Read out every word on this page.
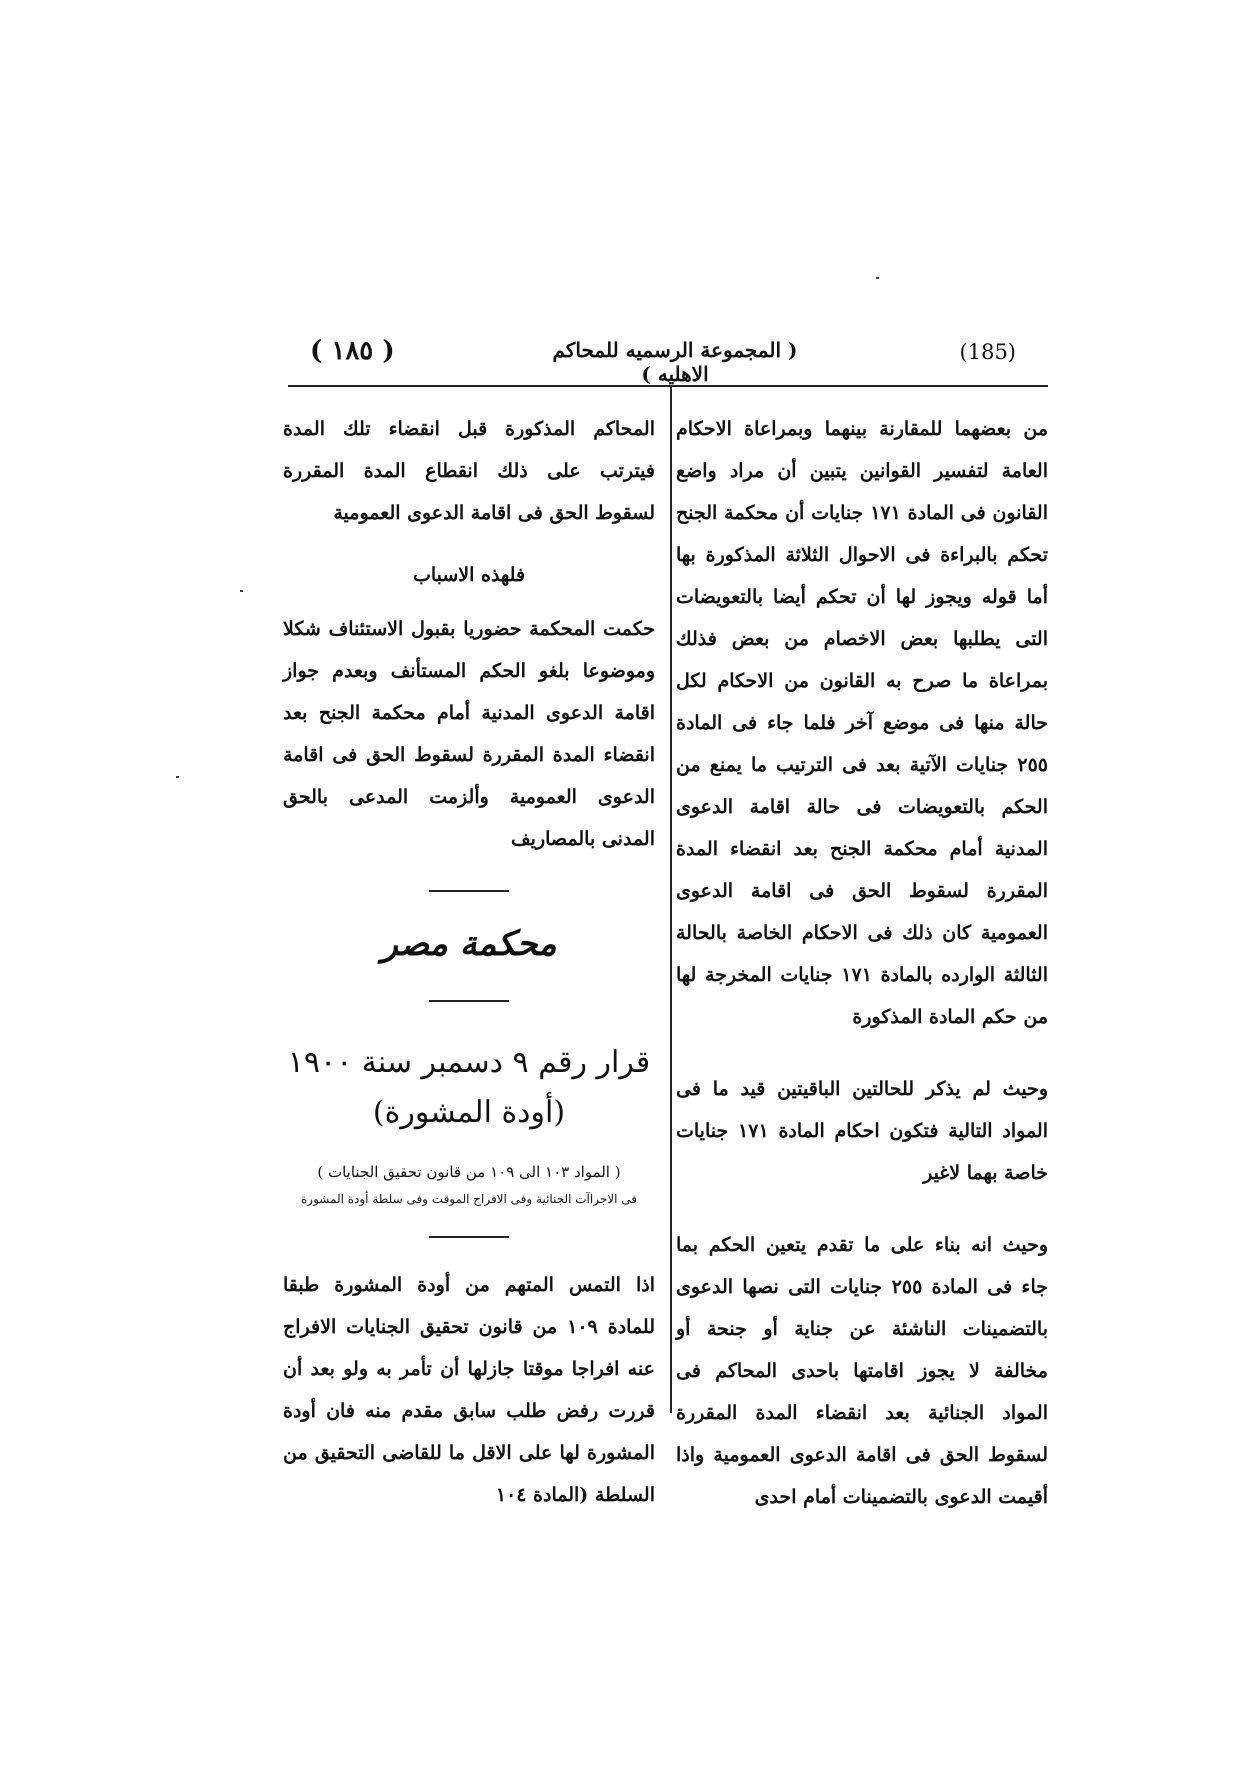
( ١٨٥ )	( المجموعة الرسميه للمحاكم الاهليه )
(185)

من بعضهما للمقارنة بينهما وبمراعاة الاحكام العامة لتفسير القوانين يتبين أن مراد واضع القانون فى المادة ١٧١ جنايات أن محكمة الجنح تحكم بالبراءة فى الاحوال الثلاثة المذكورة بها أما قوله ويجوز لها أن تحكم أيضا بالتعويضات التى يطلبها بعض الاخصام من بعض فذلك بمراعاة ما صرح به القانون من الاحكام لكل حالة منها فى موضع آخر فلما جاء فى المادة ٢٥٥ جنايات الآتية بعد فى الترتيب ما يمنع من الحكم بالتعويضات فى حالة اقامة الدعوى المدنية أمام محكمة الجنح بعد انقضاء المدة المقررة لسقوط الحق فى اقامة الدعوى العمومية كان ذلك فى الاحكام الخاصة بالحالة الثالثة الوارده بالمادة ١٧١ جنايات المخرجة لها من حكم المادة المذكورة

وحيث لم يذكر للحالتين الباقيتين قيد ما فى المواد التالية فتكون احكام المادة ١٧١ جنايات خاصة بهما لاغير

وحيث انه بناء على ما تقدم يتعين الحكم بما جاء فى المادة ٢٥٥ جنايات التى نصها الدعوى بالتضمينات الناشئة عن جناية أو جنحة أو مخالفة لا يجوز اقامتها باحدى المحاكم فى المواد الجنائية بعد انقضاء المدة المقررة لسقوط الحق فى اقامة الدعوى العمومية واذا أقيمت الدعوى بالتضمينات أمام احدى

المحاكم المذكورة قبل انقضاء تلك المدة فيترتب على ذلك انقطاع المدة المقررة لسقوط الحق فى اقامة الدعوى العمومية

فلهذه الاسباب

حكمت المحكمة حضوريا بقبول الاستئناف شكلا وموضوعا بلغو الحكم المستأنف وبعدم جواز اقامة الدعوى المدنية أمام محكمة الجنح بعد انقضاء المدة المقررة لسقوط الحق فى اقامة الدعوى العمومية وألزمت المدعى بالحق المدنى بالمصاريف

محكمة مصر
قرار رقم ٩ دسمبر سنة ١٩٠٠
(أودة المشورة)
( المواد ١٠٣ الى ١٠٩ من قانون تحقيق الجنايات )
فى الاجراآت الجنائية وفى الافراج الموقت وفى سلطة أودة المشورة

اذا التمس المتهم من أودة المشورة طبقا للمادة ١٠٩ من قانون تحقيق الجنايات الافراج عنه افراجا موقتا جازلها أن تأمر به ولو بعد أن قررت رفض طلب سابق مقدم منه فان أودة المشورة لها على الاقل ما للقاضى التحقيق من السلطة (المادة ١٠٤
